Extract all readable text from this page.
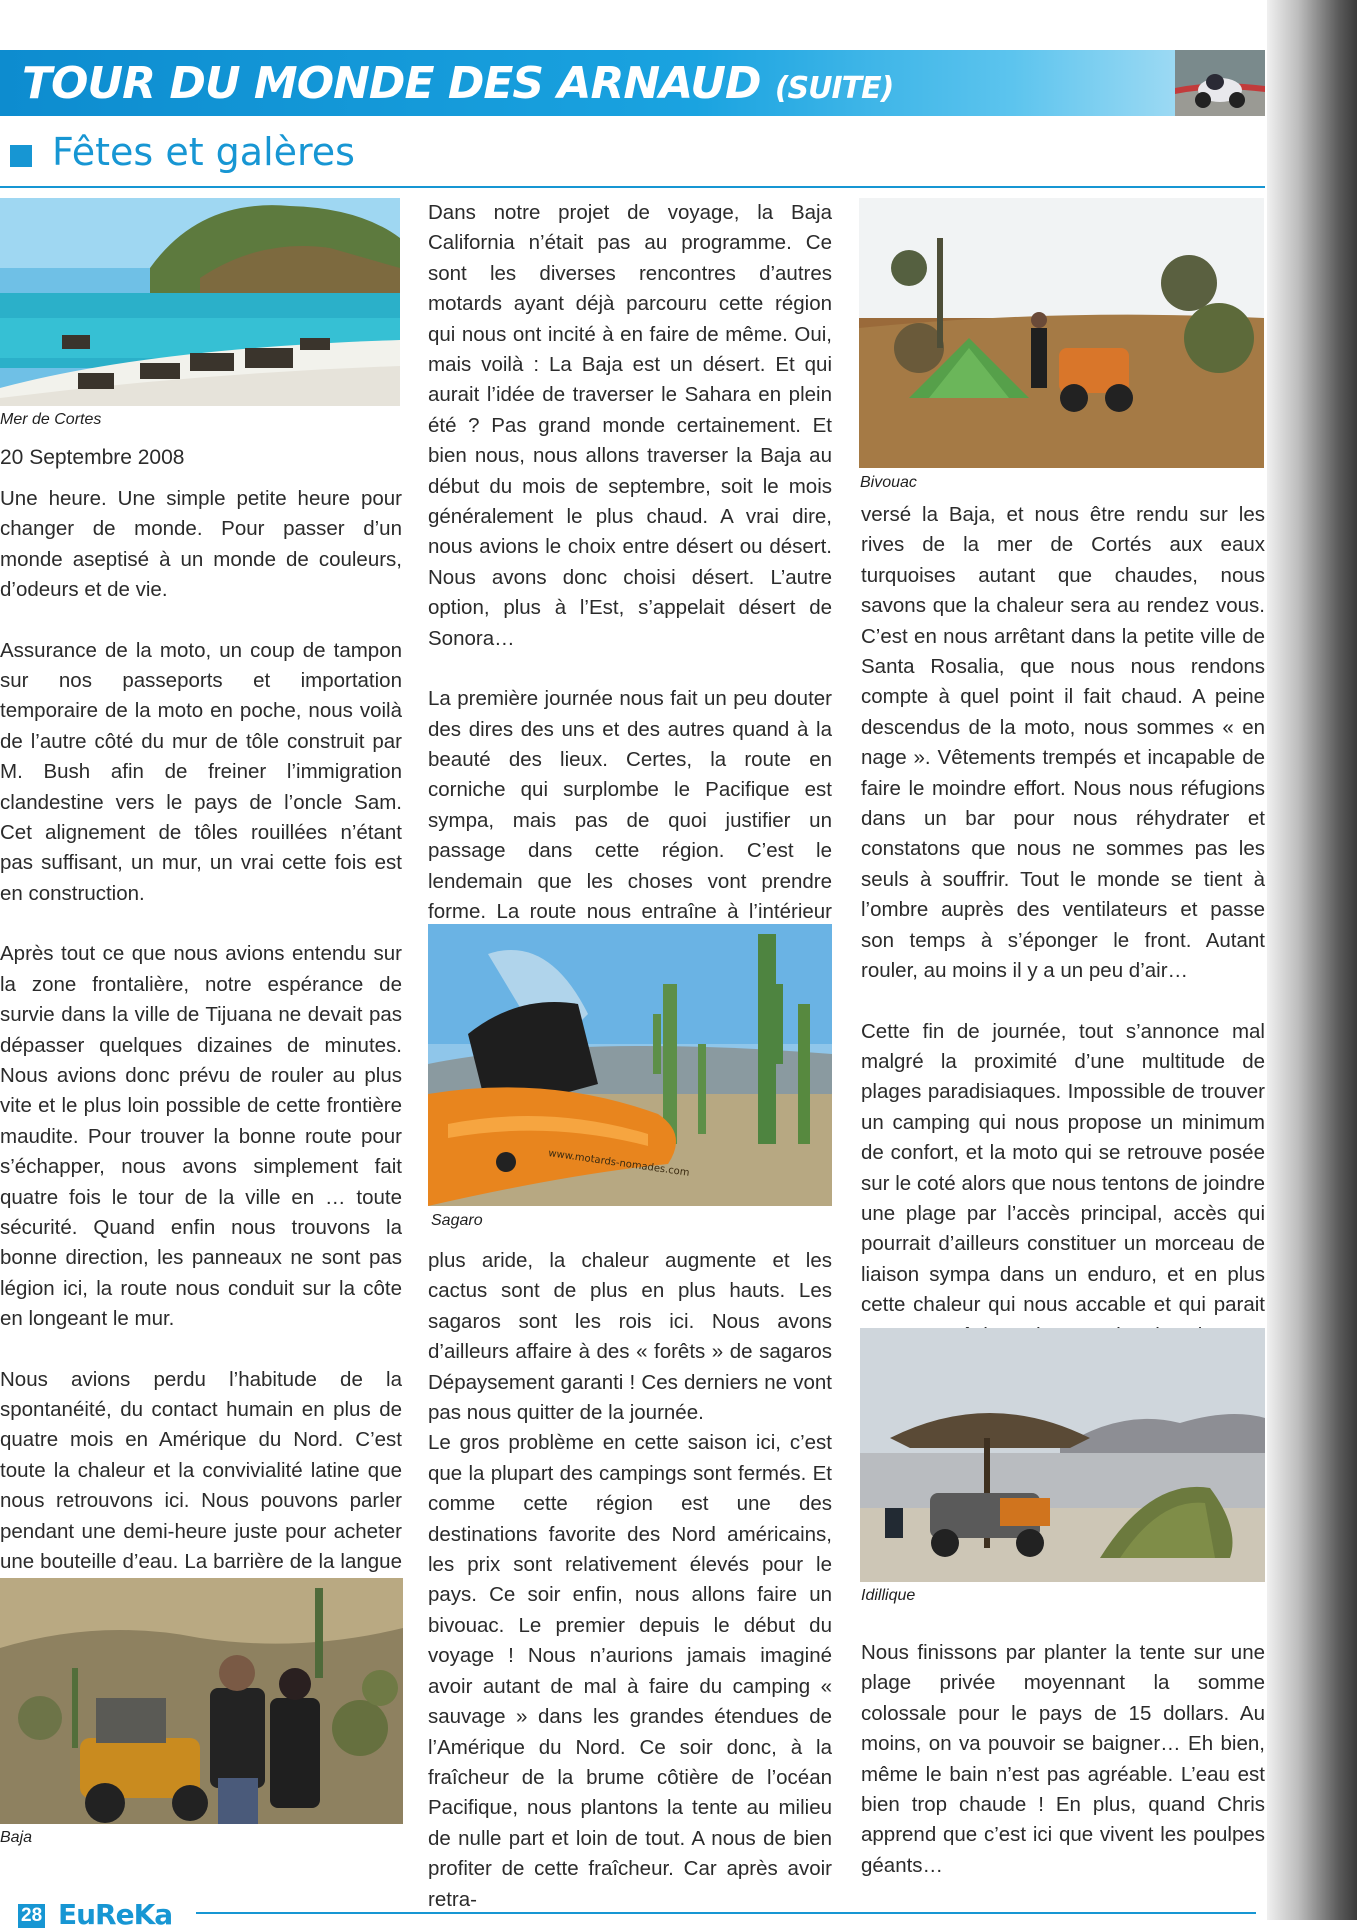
TOUR DU MONDE DES ARNAUD (SUITE)
Fêtes et galères
Mer de Cortes
20 Septembre 2008

Une heure. Une simple petite heure pour changer de monde. Pour passer d’un monde aseptisé à un monde de couleurs, d’odeurs et de vie.

Assurance de la moto, un coup de tampon sur nos passeports et importation temporaire de la moto en poche, nous voilà de l’autre côté du mur de tôle construit par M. Bush afin de freiner l’immigration clandestine vers le pays de l’oncle Sam. Cet alignement de tôles rouillées n’étant pas suffisant, un mur, un vrai cette fois est en construction.

Après tout ce que nous avions entendu sur la zone frontalière, notre espérance de survie dans la ville de Tijuana ne devait pas dépasser quelques dizaines de minutes. Nous avions donc prévu de rouler au plus vite et le plus loin possible de cette frontière maudite. Pour trouver la bonne route pour s’échapper, nous avons simplement fait quatre fois le tour de la ville en … toute sécurité. Quand enfin nous trouvons la bonne direction, les panneaux ne sont pas légion ici, la route nous conduit sur la côte en longeant le mur.

Nous avions perdu l’habitude de la spontanéité, du contact humain en plus de quatre mois en Amérique du Nord. C’est toute la chaleur et la convivialité latine que nous retrouvons ici. Nous pouvons parler pendant une demi-heure juste pour acheter une bouteille d’eau. La barrière de la langue

Baja

Dans notre projet de voyage, la Baja California n’était pas au programme. Ce sont les diverses rencontres d’autres motards ayant déjà parcouru cette région qui nous ont incité à en faire de même. Oui, mais voilà : La Baja est un désert. Et qui aurait l’idée de traverser le Sahara en plein été ? Pas grand monde certainement. Et bien nous, nous allons traverser la Baja au début du mois de septembre, soit le mois généralement le plus chaud. A vrai dire, nous avions le choix entre désert ou désert. Nous avons donc choisi désert. L’autre option, plus à l’Est, s’appelait désert de Sonora…

La première journée nous fait un peu douter des dires des uns et des autres quand à la beauté des lieux. Certes, la route en corniche qui surplombe le Pacifique est sympa, mais pas de quoi justifier un passage dans cette région. C’est le lendemain que les choses vont prendre forme. La route nous entraîne à l’intérieur

www.motards-nomades.com
Sagaro

plus aride, la chaleur augmente et les cactus sont de plus en plus hauts. Les sagaros sont les rois ici. Nous avons d’ailleurs affaire à des « forêts » de sagaros Dépaysement garanti ! Ces derniers ne vont pas nous quitter de la journée.

Le gros problème en cette saison ici, c’est que la plupart des campings sont fermés. Et comme cette région est une des destinations favorite des Nord américains, les prix sont relativement élevés pour le pays. Ce soir enfin, nous allons faire un bivouac. Le premier depuis le début du voyage ! Nous n’aurions jamais imaginé avoir autant de mal à faire du camping « sauvage » dans les grandes étendues de l’Amérique du Nord. Ce soir donc, à la fraîcheur de la brume côtière de l’océan Pacifique, nous plantons la tente au milieu de nulle part et loin de tout. A nous de bien profiter de cette fraîcheur. Car après avoir retra-

Bivouac

versé la Baja, et nous être rendu sur les rives de la mer de Cortés aux eaux turquoises autant que chaudes, nous savons que la chaleur sera au rendez vous. C’est en nous arrêtant dans la petite ville de Santa Rosalia, que nous nous rendons compte à quel point il fait chaud. A peine descendus de la moto, nous sommes « en nage ». Vêtements trempés et incapable de faire le moindre effort. Nous nous réfugions dans un bar pour nous réhydrater et constatons que nous ne sommes pas les seuls à souffrir. Tout le monde se tient à l’ombre auprès des ventilateurs et passe son temps à s’éponger le front. Autant rouler, au moins il y a un peu d’air…

Cette fin de journée, tout s’annonce mal malgré la proximité d’une multitude de plages paradisiaques. Impossible de trouver un camping qui nous propose un minimum de confort, et la moto qui se retrouve posée sur le coté alors que nous tentons de joindre une plage par l’accès principal, accès qui pourrait d’ailleurs constituer un morceau de liaison sympa dans un enduro, et en plus cette chaleur qui nous accable et qui parait

Idillique

Nous finissons par planter la tente sur une plage privée moyennant la somme colossale pour le pays de 15 dollars. Au moins, on va pouvoir se baigner… Eh bien, même le bain n’est pas agréable. L’eau est bien trop chaude ! En plus, quand Chris apprend que c’est ici que vivent les poulpes géants…

28 EuReKa
